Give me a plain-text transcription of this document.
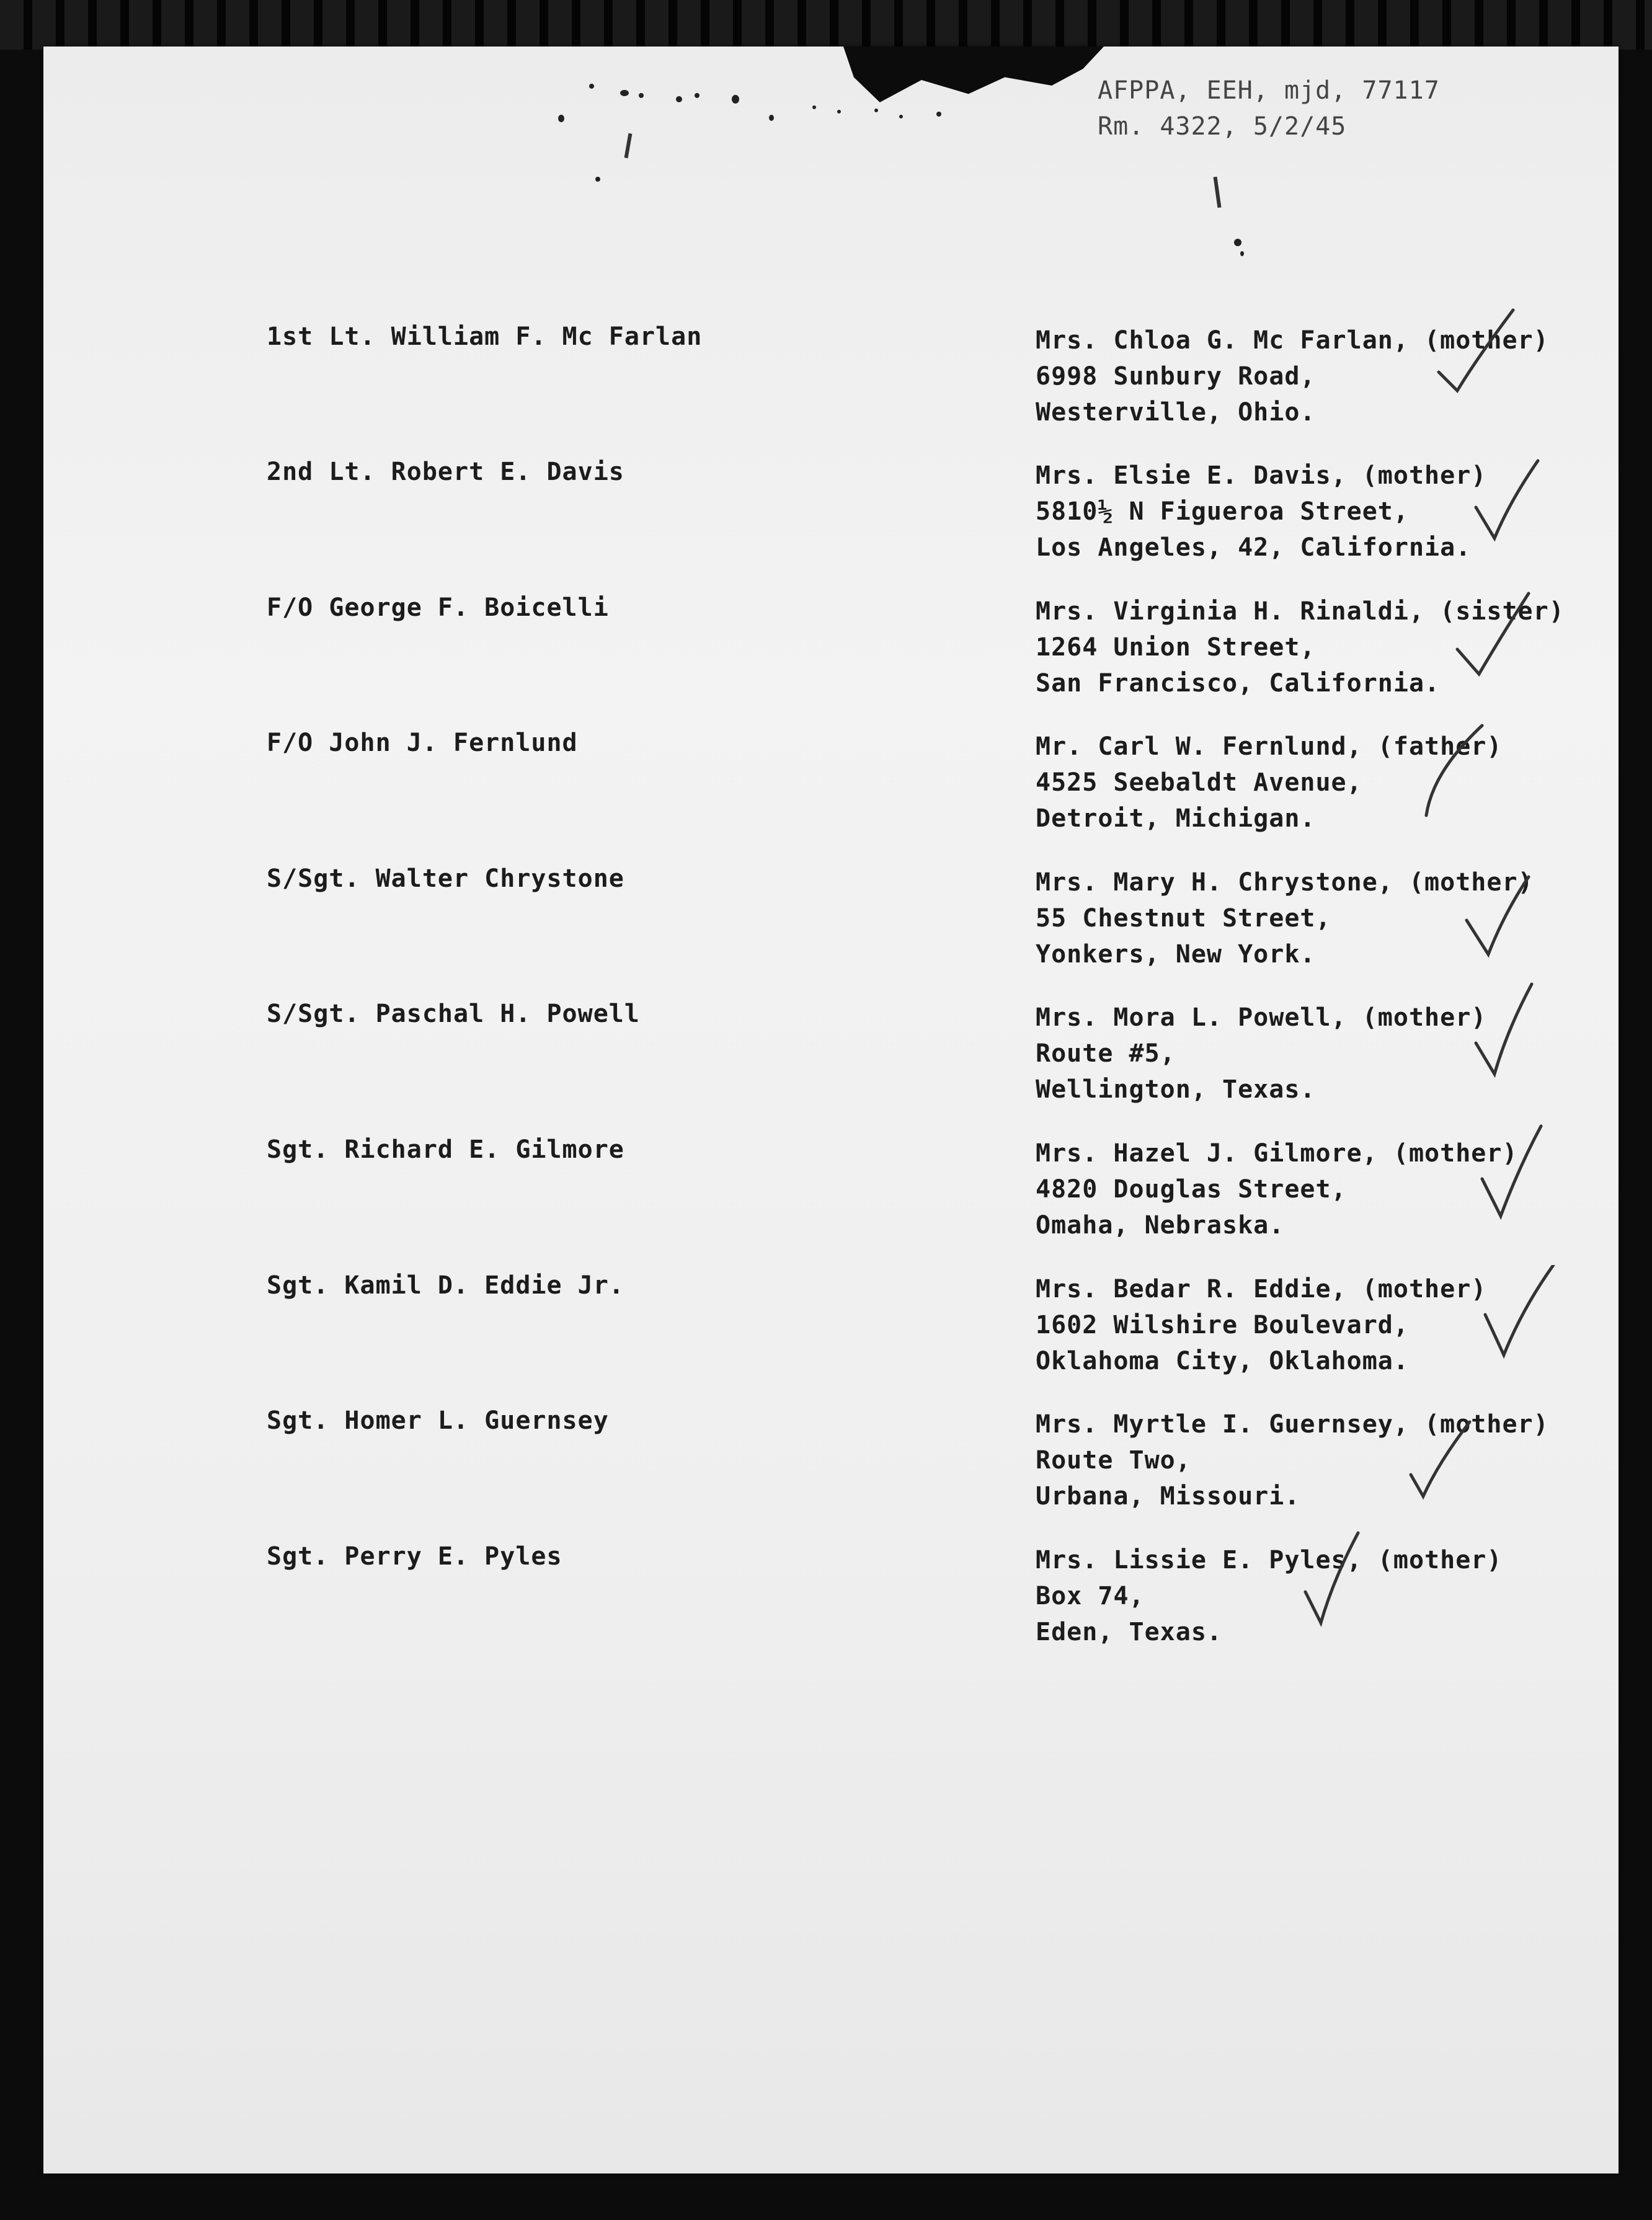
AFPPA, EEH, mjd, 77117
Rm. 4322, 5/2/45
1st Lt. William F. Mc Farlan	Mrs. Chloa G. Mc Farlan, (mother)
6998 Sunbury Road,
Westerville, Ohio.
2nd Lt. Robert E. Davis	Mrs. Elsie E. Davis, (mother)
5810½ N Figueroa Street,
Los Angeles, 42, California.
F/O George F. Boicelli	Mrs. Virginia H. Rinaldi, (sister)
1264 Union Street,
San Francisco, California.
F/O John J. Fernlund	Mr. Carl W. Fernlund, (father)
4525 Seebaldt Avenue,
Detroit, Michigan.
S/Sgt. Walter Chrystone	Mrs. Mary H. Chrystone, (mother)
55 Chestnut Street,
Yonkers, New York.
S/Sgt. Paschal H. Powell	Mrs. Mora L. Powell, (mother)
Route #5,
Wellington, Texas.
Sgt. Richard E. Gilmore	Mrs. Hazel J. Gilmore, (mother)
4820 Douglas Street,
Omaha, Nebraska.
Sgt. Kamil D. Eddie Jr.	Mrs. Bedar R. Eddie, (mother)
1602 Wilshire Boulevard,
Oklahoma City, Oklahoma.
Sgt. Homer L. Guernsey	Mrs. Myrtle I. Guernsey, (mother)
Route Two,
Urbana, Missouri.
Sgt. Perry E. Pyles	Mrs. Lissie E. Pyles, (mother)
Box 74,
Eden, Texas.
